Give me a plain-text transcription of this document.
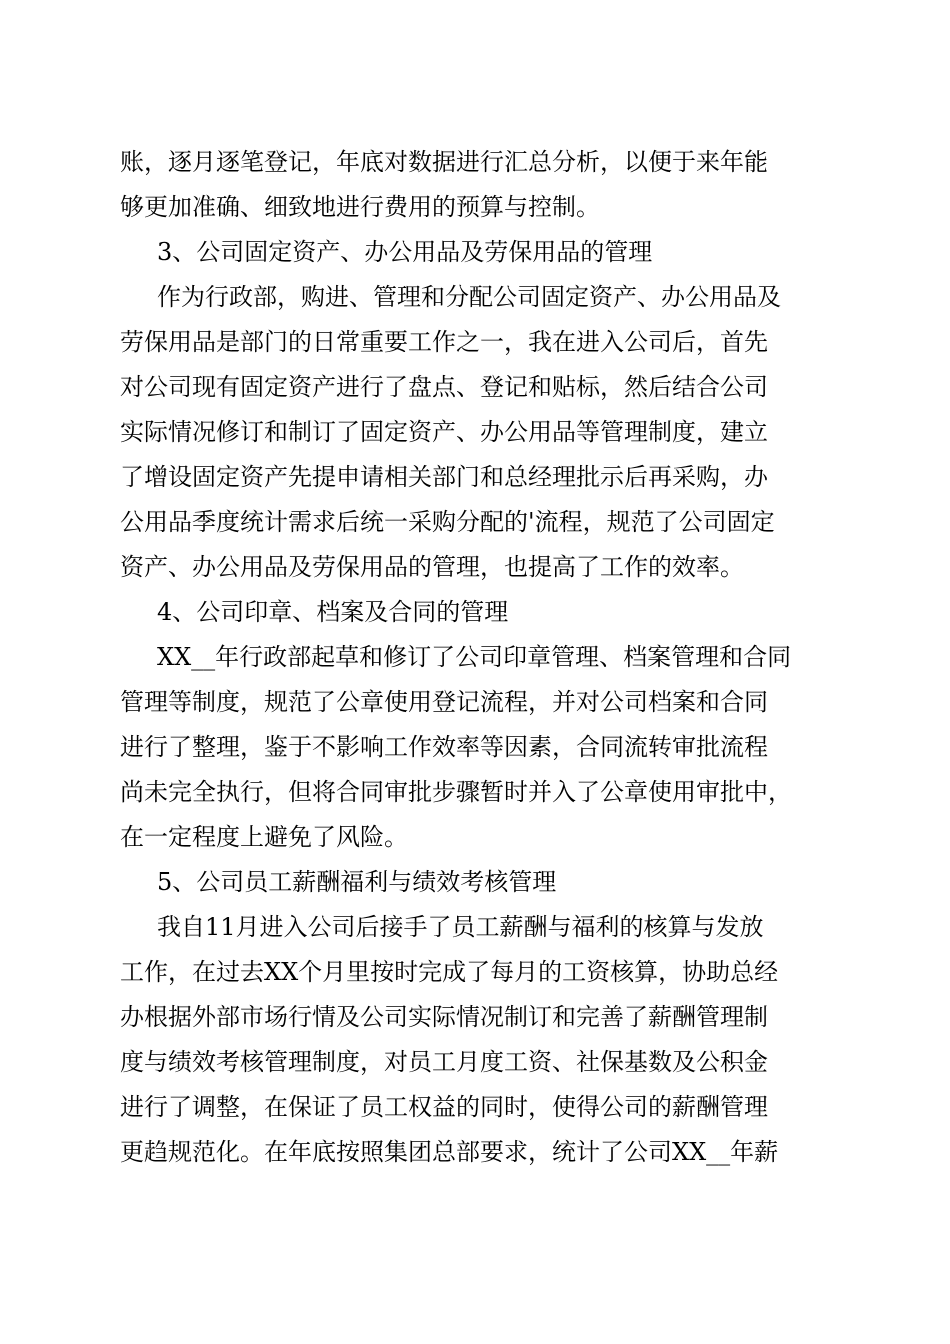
账，逐月逐笔登记，年底对数据进行汇总分析，以便于来年能
够更加准确、细致地进行费用的预算与控制。
3、公司固定资产、办公用品及劳保用品的管理
作为行政部，购进、管理和分配公司固定资产、办公用品及
劳保用品是部门的日常重要工作之一，我在进入公司后，首先
对公司现有固定资产进行了盘点、登记和贴标，然后结合公司
实际情况修订和制订了固定资产、办公用品等管理制度，建立
了增设固定资产先提申请相关部门和总经理批示后再采购，办
公用品季度统计需求后统一采购分配的'流程，规范了公司固定
资产、办公用品及劳保用品的管理，也提高了工作的效率。
4、公司印章、档案及合同的管理
XX__年行政部起草和修订了公司印章管理、档案管理和合同
管理等制度，规范了公章使用登记流程，并对公司档案和合同
进行了整理，鉴于不影响工作效率等因素，合同流转审批流程
尚未完全执行，但将合同审批步骤暂时并入了公章使用审批中，
在一定程度上避免了风险。
5、公司员工薪酬福利与绩效考核管理
我自11月进入公司后接手了员工薪酬与福利的核算与发放
工作，在过去XX个月里按时完成了每月的工资核算，协助总经
办根据外部市场行情及公司实际情况制订和完善了薪酬管理制
度与绩效考核管理制度，对员工月度工资、社保基数及公积金
进行了调整，在保证了员工权益的同时，使得公司的薪酬管理
更趋规范化。在年底按照集团总部要求，统计了公司XX__年薪
